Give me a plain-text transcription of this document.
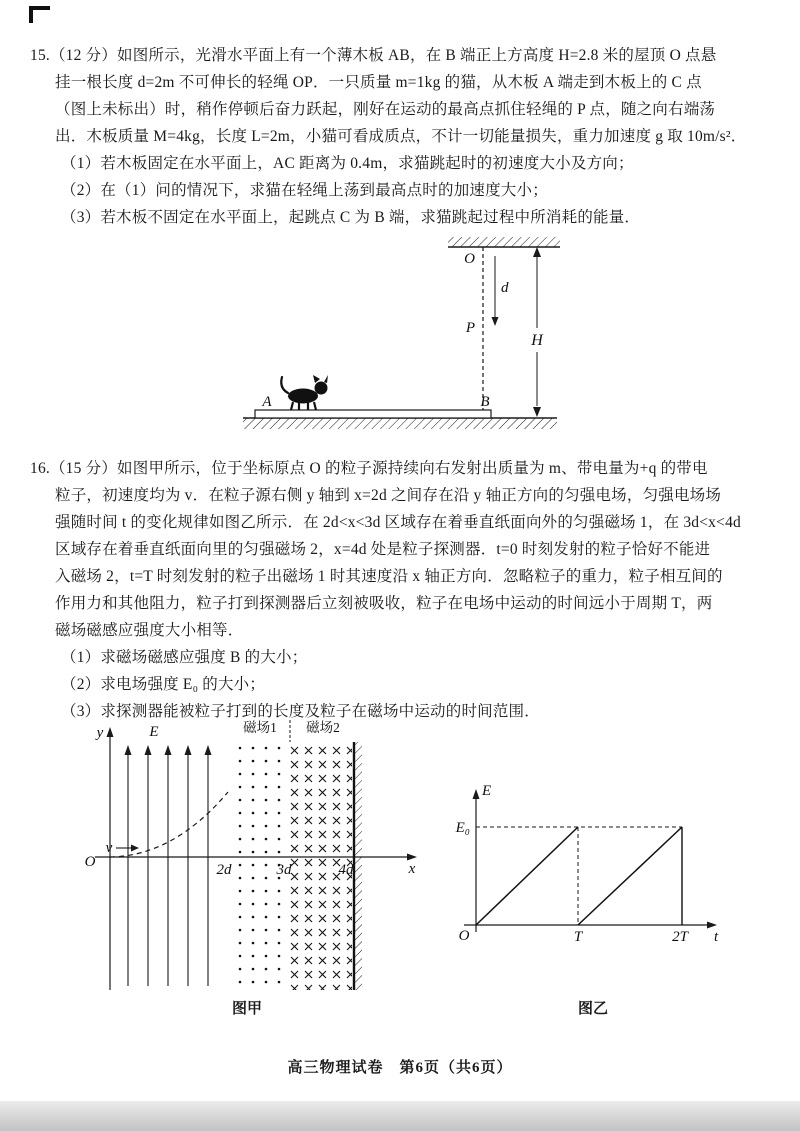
15.（12 分）如图所示，光滑水平面上有一个薄木板 AB，在 B 端正上方高度 H=2.8 米的屋顶 O 点悬
挂一根长度 d=2m 不可伸长的轻绳 OP．一只质量 m=1kg 的猫，从木板 A 端走到木板上的 C 点
（图上未标出）时，稍作停顿后奋力跃起，刚好在运动的最高点抓住轻绳的 P 点，随之向右端荡
出．木板质量 M=4kg，长度 L=2m，小猫可看成质点，不计一切能量损失，重力加速度 g 取 10m/s²．
（1）若木板固定在水平面上，AC 距离为 0.4m，求猫跳起时的初速度大小及方向；
（2）在（1）问的情况下，求猫在轻绳上荡到最高点时的加速度大小；
（3）若木板不固定在水平面上，起跳点 C 为 B 端，求猫跳起过程中所消耗的能量．
d
O
P
H
A	B
16.（15 分）如图甲所示，位于坐标原点 O 的粒子源持续向右发射出质量为 m、带电量为+q 的带电
粒子，初速度均为 v．在粒子源右侧 y 轴到 x=2d 之间存在沿 y 轴正方向的匀强电场，匀强电场场
强随时间 t 的变化规律如图乙所示．在 2d<x<3d 区域存在着垂直纸面向外的匀强磁场 1，在 3d<x<4d
区域存在着垂直纸面向里的匀强磁场 2，x=4d 处是粒子探测器．t=0 时刻发射的粒子恰好不能进
入磁场 2，t=T 时刻发射的粒子出磁场 1 时其速度沿 x 轴正方向．忽略粒子的重力，粒子相互间的
作用力和其他阻力，粒子打到探测器后立刻被吸收，粒子在电场中运动的时间远小于周期 T，两
磁场磁感应强度大小相等．
（1）求磁场磁感应强度 B 的大小；
（2）求电场强度 E₀ 的大小；
（3）求探测器能被粒子打到的长度及粒子在磁场中运动的时间范围．
v
y	E	磁场1 磁场2
O	2d	3d	4d	x
E
E₀
O	T	2T t
图甲	图乙
高三物理试卷　第6页（共6页）
